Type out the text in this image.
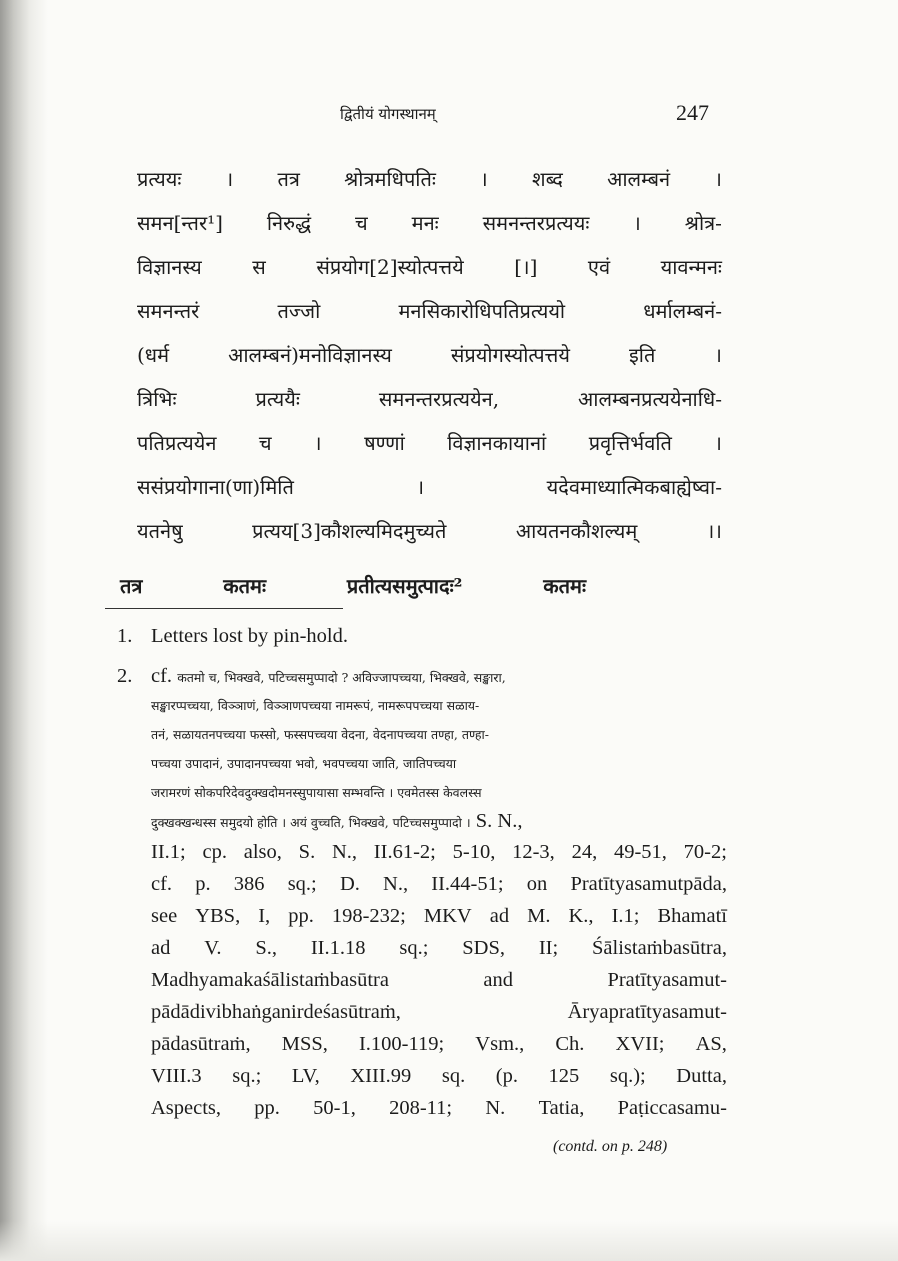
द्वितीयं योगस्थानम्	247
प्रत्ययः । तत्र श्रोत्रमधिपतिः । शब्द आलम्बनं ।
समन[न्तर¹] निरुद्धं च मनः समनन्तरप्रत्ययः । श्रोत्र-
विज्ञानस्य	स	संप्रयोग[2]स्योत्पत्तये	[।]	एवं	यावन्मनः
समनन्तरं	तज्जो	मनसिकारोधिपतिप्रत्ययो	धर्मालम्बनं-
(धर्म	आलम्बनं)मनोविज्ञानस्य	संप्रयोगस्योत्पत्तये	इति	।
त्रिभिः	प्रत्ययैः	समनन्तरप्रत्ययेन,	आलम्बनप्रत्ययेनाधि-
पतिप्रत्ययेन च । षण्णां विज्ञानकायानां प्रवृत्तिर्भवति ।
ससंप्रयोगाना(णा)मिति	।	यदेवमाध्यात्मिकबाह्येष्वा-
यतनेषु	प्रत्यय[3]कौशल्यमिदमुच्यते	आयतनकौशल्यम्	।।
तत्र	कतमः	प्रतीत्यसमुत्पादः²	कतमः
1. Letters lost by pin-hold.
2. cf. कतमो च, भिक्खवे, पटिच्चसमुप्पादो ? अविज्जापच्चया, भिक्खवे, सङ्खारा,
सङ्खारप्पच्चया, विञ्ञाणं, विञ्ञाणपच्चया नामरूपं, नामरूपपच्चया सळाय-
तनं, सळायतनपच्चया फस्सो, फस्सपच्चया वेदना, वेदनापच्चया तण्हा, तण्हा-
पच्चया उपादानं, उपादानपच्चया भवो, भवपच्चया जाति, जातिपच्चया
जरामरणं सोकपरिदेवदुक्खदोमनस्सुपायासा सम्भवन्ति । एवमेतस्स केवलस्स
दुक्खक्खन्धस्स समुदयो होति । अयं वुच्चति, भिक्खवे, पटिच्चसमुप्पादो । S. N.,
II.1; cp. also, S. N., II.61-2; 5-10, 12-3, 24, 49-51, 70-2;
cf. p. 386 sq.; D. N., II.44-51; on Pratītyasamutpāda,
see YBS, I, pp. 198-232; MKV ad M. K., I.1; Bhamatī
ad V. S., II.1.18 sq.; SDS, II; Śālistaṁbasūtra,
Madhyamakaśālistaṁbasūtra	and	Pratītyasamut-
pādādivibhaṅganirdeśasūtraṁ,	Āryapratītyasamut-
pādasūtraṁ, MSS, I.100-119; Vsm., Ch. XVII; AS,
VIII.3 sq.; LV, XIII.99 sq. (p. 125 sq.); Dutta,
Aspects, pp. 50-1, 208-11; N. Tatia, Paṭiccasamu-
(contd. on p. 248)
